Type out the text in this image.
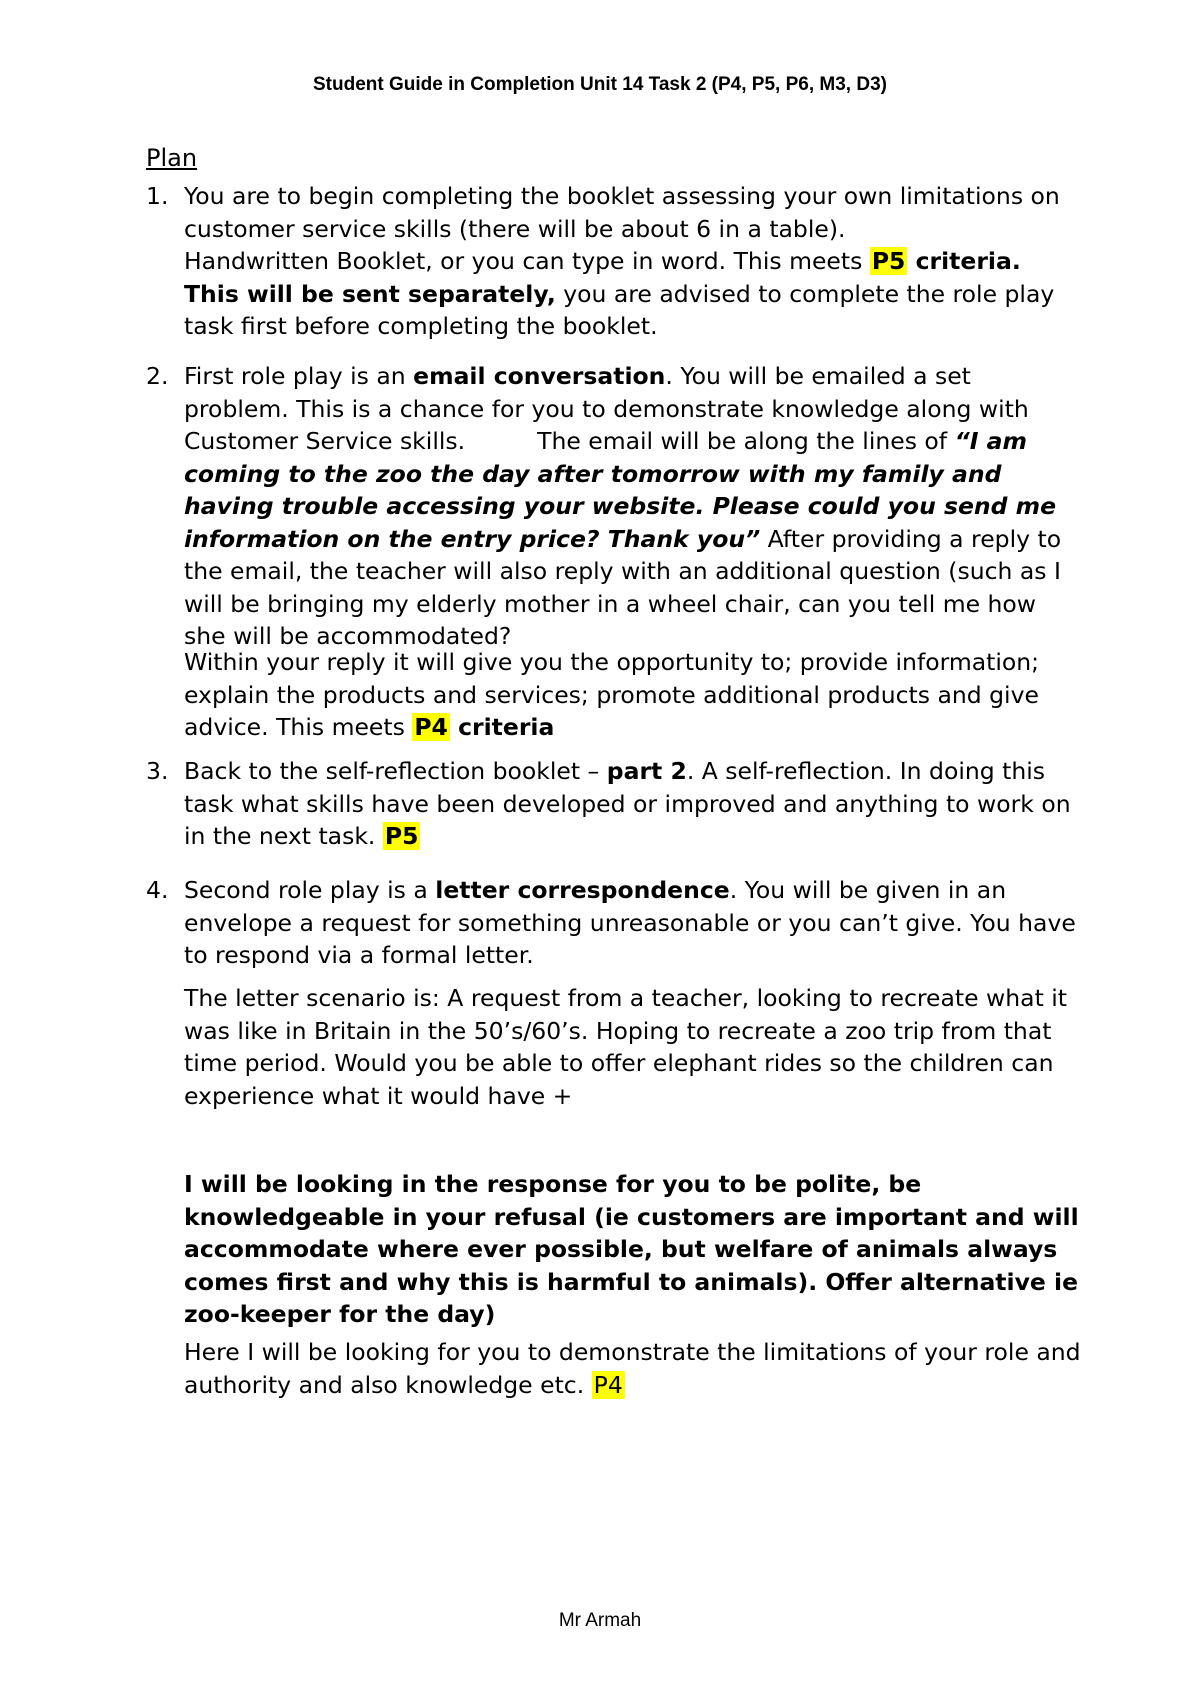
Student Guide in Completion Unit 14 Task 2 (P4, P5, P6, M3, D3)
Plan
1. You are to begin completing the booklet assessing your own limitations on customer service skills (there will be about 6 in a table).

Handwritten Booklet, or you can type in word. This meets P5 criteria.

This will be sent separately, you are advised to complete the role play task first before completing the booklet.

2. First role play is an email conversation. You will be emailed a set problem. This is a chance for you to demonstrate knowledge along with Customer Service skills.	The email will be along the lines of “I am coming to the zoo the day after tomorrow with my family and having trouble accessing your website. Please could you send me information on the entry price? Thank you” After providing a reply to the email, the teacher will also reply with an additional question (such as I will be bringing my elderly mother in a wheel chair, can you tell me how she will be accommodated?

Within your reply it will give you the opportunity to; provide information; explain the products and services; promote additional products and give advice. This meets P4 criteria

3. Back to the self-reflection booklet – part 2. A self-reflection. In doing this task what skills have been developed or improved and anything to work on in the next task. P5

4. Second role play is a letter correspondence. You will be given in an envelope a request for something unreasonable or you can’t give. You have to respond via a formal letter.

The letter scenario is: A request from a teacher, looking to recreate what it was like in Britain in the 50’s/60’s. Hoping to recreate a zoo trip from that time period. Would you be able to offer elephant rides so the children can experience what it would have +

I will be looking in the response for you to be polite, be knowledgeable in your refusal (ie customers are important and will accommodate where ever possible, but welfare of animals always comes first and why this is harmful to animals). Offer alternative ie zoo-keeper for the day)

Here I will be looking for you to demonstrate the limitations of your role and authority and also knowledge etc. P4

Mr Armah
